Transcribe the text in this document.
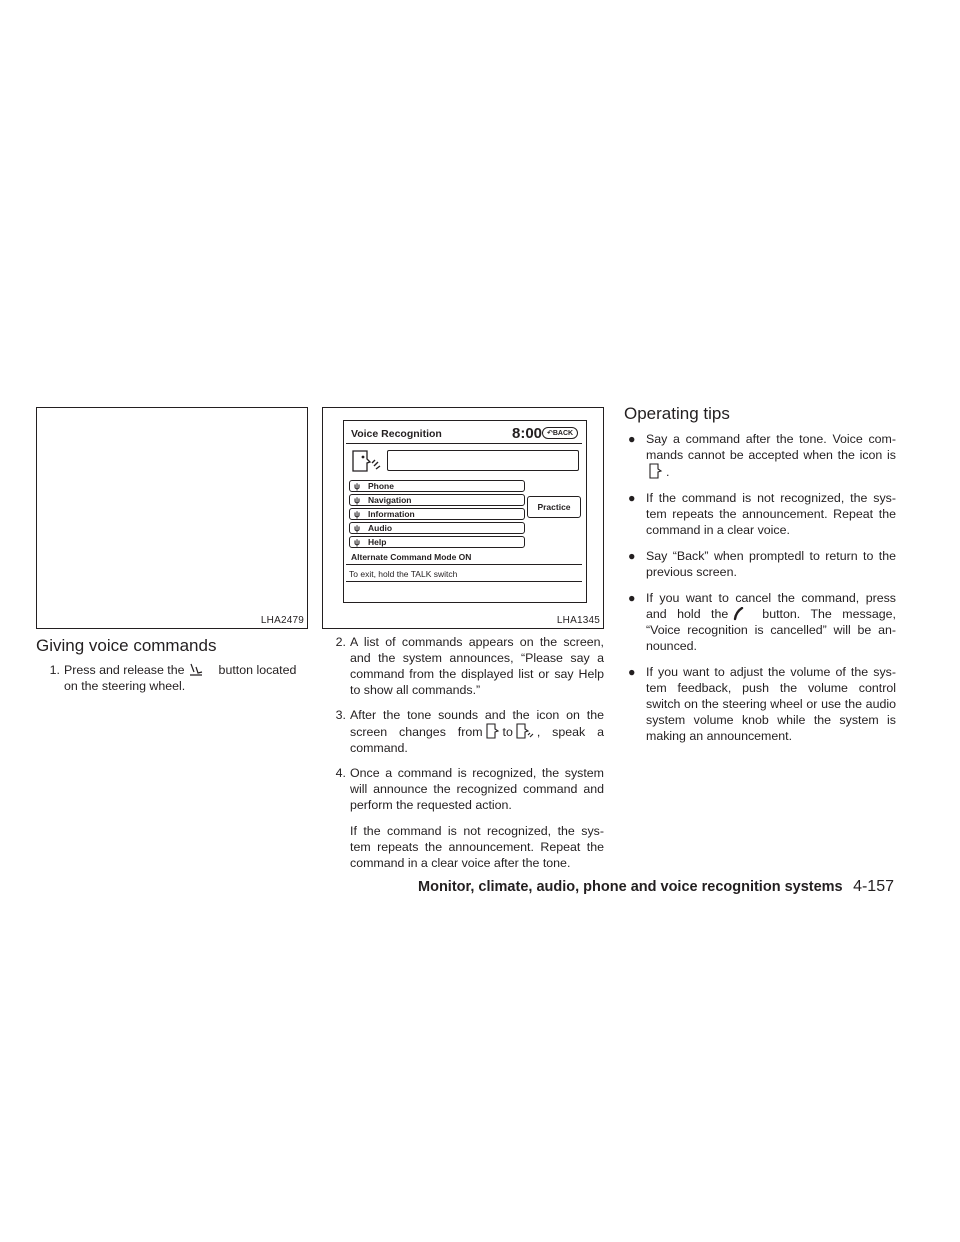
LHA2479
Voice Recognition	8:00 ↶BACK
ψ Phone
ψ Navigation
ψ Information
ψ Audio
ψ Help
Practice
Alternate Command Mode ON
To exit, hold the TALK switch
LHA1345
Giving voice commands
1. Press and release the	button located on the steering wheel.
2. A list of commands appears on the screen, and the system announces, “Please say a command from the displayed list or say Help to show all commands.”
3. After the tone sounds and the icon on the screen changes from to , speak a command.
4. Once a command is recognized, the system will announce the recognized command and perform the requested action.
If the command is not recognized, the sys- tem repeats the announcement. Repeat the command in a clear voice after the tone.
Operating tips
● Say a command after the tone. Voice com- mands cannot be accepted when the icon is.
● If the command is not recognized, the sys- tem repeats the announcement. Repeat the command in a clear voice.
● Say “Back” when promptedl to return to the previous screen.
● If you want to cancel the command, press and hold the	button. The message, “Voice recognition is cancelled” will be an- nounced.
● If you want to adjust the volume of the sys- tem feedback, push the volume control switch on the steering wheel or use the audio system volume knob while the system is making an announcement.
Monitor, climate, audio, phone and voice recognition systems 4-157
